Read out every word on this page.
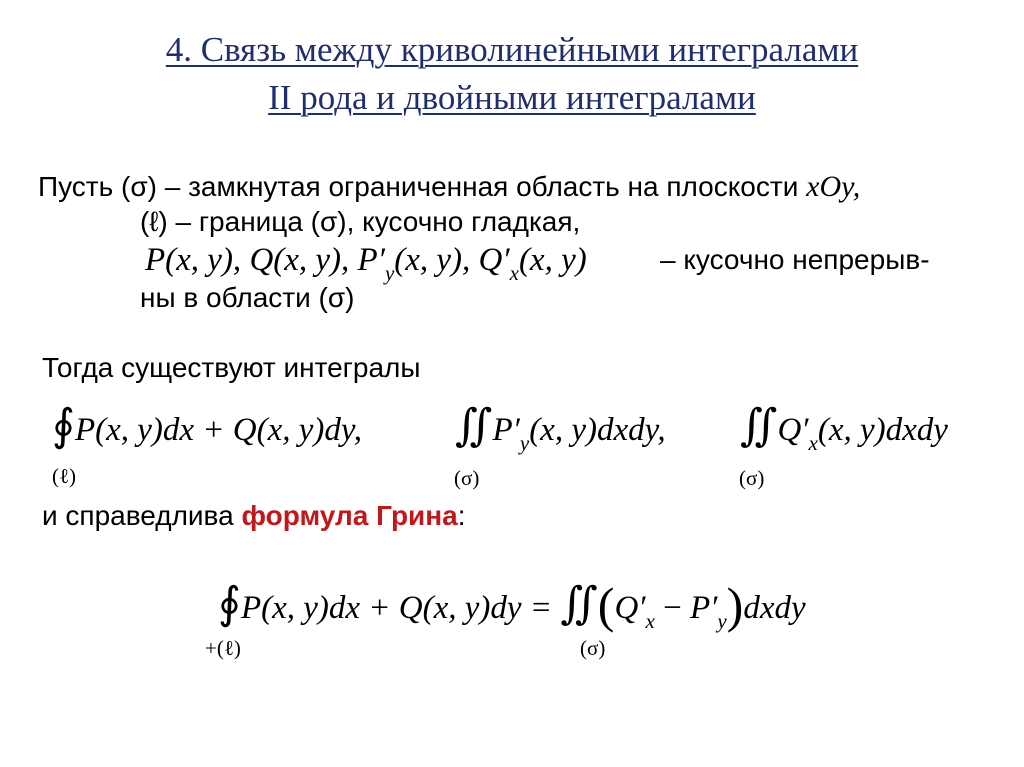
4. Связь между криволинейными интегралами
II рода и двойными интегралами
Пусть (σ) – замкнутая ограниченная область на плоскости xOy,
(ℓ) – граница (σ), кусочно гладкая,
P(x, y), Q(x, y), $P'_y(x$, y), $Q'_x(x$, y)	– кусочно непрерыв-
ны в области (σ)
Тогда существуют интегралы
∮P(x, y)dx + Q(x, y)dy,
(ℓ)
$∬P'_y(x$, y)dxdy,
(σ)
$∬Q'_x(x$, y)dxdy
(σ)
и справедлива формула Грина:
∮P(x, y)dx + Q(x, $y)dy = ∬(Q'_x$ − $P'_y)dxdy$
+(ℓ)	(σ)
